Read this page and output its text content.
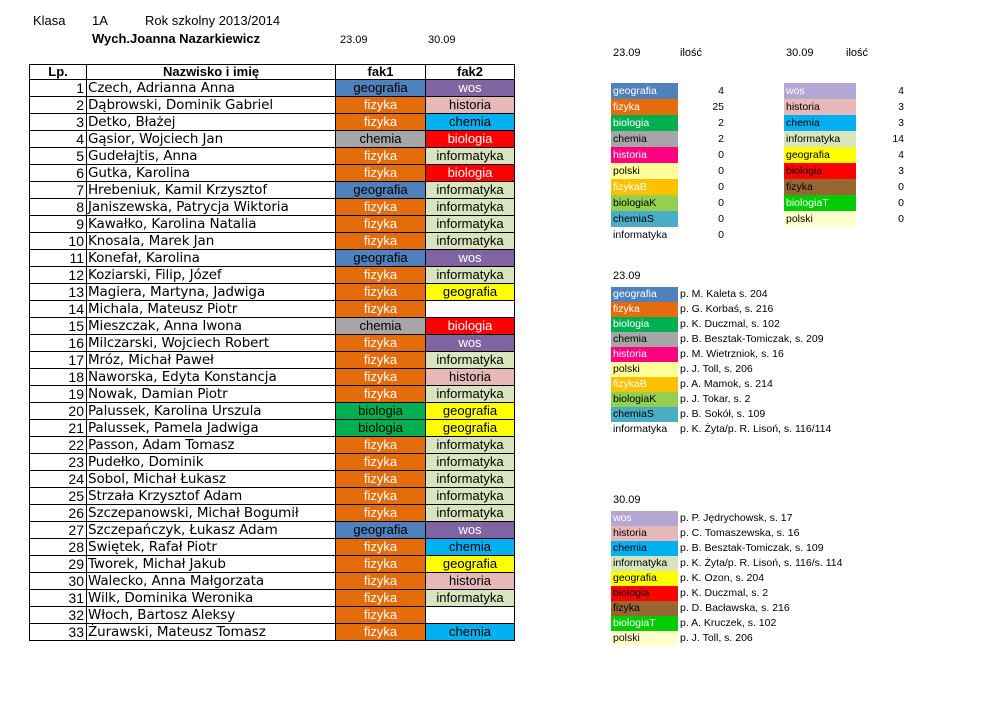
Klasa 1A	Rok szkolny 2013/2014
Wych.Joanna Nazarkiewicz	23.09	30.09
Lp.	Nazwisko i imię	fak1	fak2
1	Czech, Adrianna Anna	geografia	wos
2	Dąbrowski, Dominik Gabriel	fizyka	historia
3	Detko, Błażej	fizyka	chemia
4	Gąsior, Wojciech Jan	chemia	biologia
5	Gudełajtis, Anna	fizyka	informatyka
6	Gutka, Karolina	fizyka	biologia
7	Hrebeniuk, Kamil Krzysztof	geografia	informatyka
8	Janiszewska, Patrycja Wiktoria	fizyka	informatyka
9	Kawałko, Karolina Natalia	fizyka	informatyka
10	Knosala, Marek Jan	fizyka	informatyka
11	Konefał, Karolina	geografia	wos
12	Koziarski, Filip, Józef	fizyka	informatyka
13	Magiera, Martyna, Jadwiga	fizyka	geografia
14	Michala, Mateusz Piotr	fizyka	
15	Mieszczak, Anna Iwona	chemia	biologia
16	Milczarski, Wojciech Robert	fizyka	wos
17	Mróz, Michał Paweł	fizyka	informatyka
18	Naworska, Edyta Konstancja	fizyka	historia
19	Nowak, Damian Piotr	fizyka	informatyka
20	Palussek, Karolina Urszula	biologia	geografia
21	Palussek, Pamela Jadwiga	biologia	geografia
22	Passon, Adam Tomasz	fizyka	informatyka
23	Pudełko, Dominik	fizyka	informatyka
24	Sobol, Michał Łukasz	fizyka	informatyka
25	Strzała Krzysztof Adam	fizyka	informatyka
26	Szczepanowski, Michał Bogumił	fizyka	informatyka
27	Szczepańczyk, Łukasz Adam	geografia	wos
28	Swiętek, Rafał Piotr	fizyka	chemia
29	Tworek, Michał Jakub	fizyka	geografia
30	Walecko, Anna Małgorzata	fizyka	historia
31	Wilk, Dominika Weronika	fizyka	informatyka
32	Włoch, Bartosz Aleksy	fizyka	
33	Żurawski, Mateusz Tomasz	fizyka	chemia
23.09	ilość	30.09	ilość
geografia	4
fizyka	25
biologia	2
chemia	2
historia	0
polski	0
fizykaB	0
biologiaK	0
chemiaS	0
informatyka	0
wos	4
historia	3
chemia	3
informatyka	14
geografia	4
biologia	3
fizyka	0
biologiaT	0
polski	0
23.09
geografia	p. M. Kaleta s. 204
fizyka	p. G. Korbaś, s. 216
biologia	p. K. Duczmal, s. 102
chemia	p. B. Besztak-Tomiczak, s. 209
historia	p. M. Wietrzniok, s. 16
polski	p. J. Toll, s. 206
fizykaB	p. A. Mamok, s. 214
biologiaK	p. J. Tokar, s. 2
chemiaS	p. B. Sokół, s. 109
informatyka	p. K. Żyta/p. R. Lisoń, s. 116/114
30.09
wos	p. P. Jędrychowsk, s. 17
historia	p. C. Tomaszewska, s. 16
chemia	p. B. Besztak-Tomiczak, s. 109
informatyka	p. K. Żyta/p. R. Lisoń, s. 116/s. 114
geografia	p. K. Ozon, s. 204
biologia	p. K. Duczmal, s. 2
fizyka	p. D. Bacławska, s. 216
biologiaT	p. A. Kruczek, s. 102
polski	p. J. Toll, s. 206
